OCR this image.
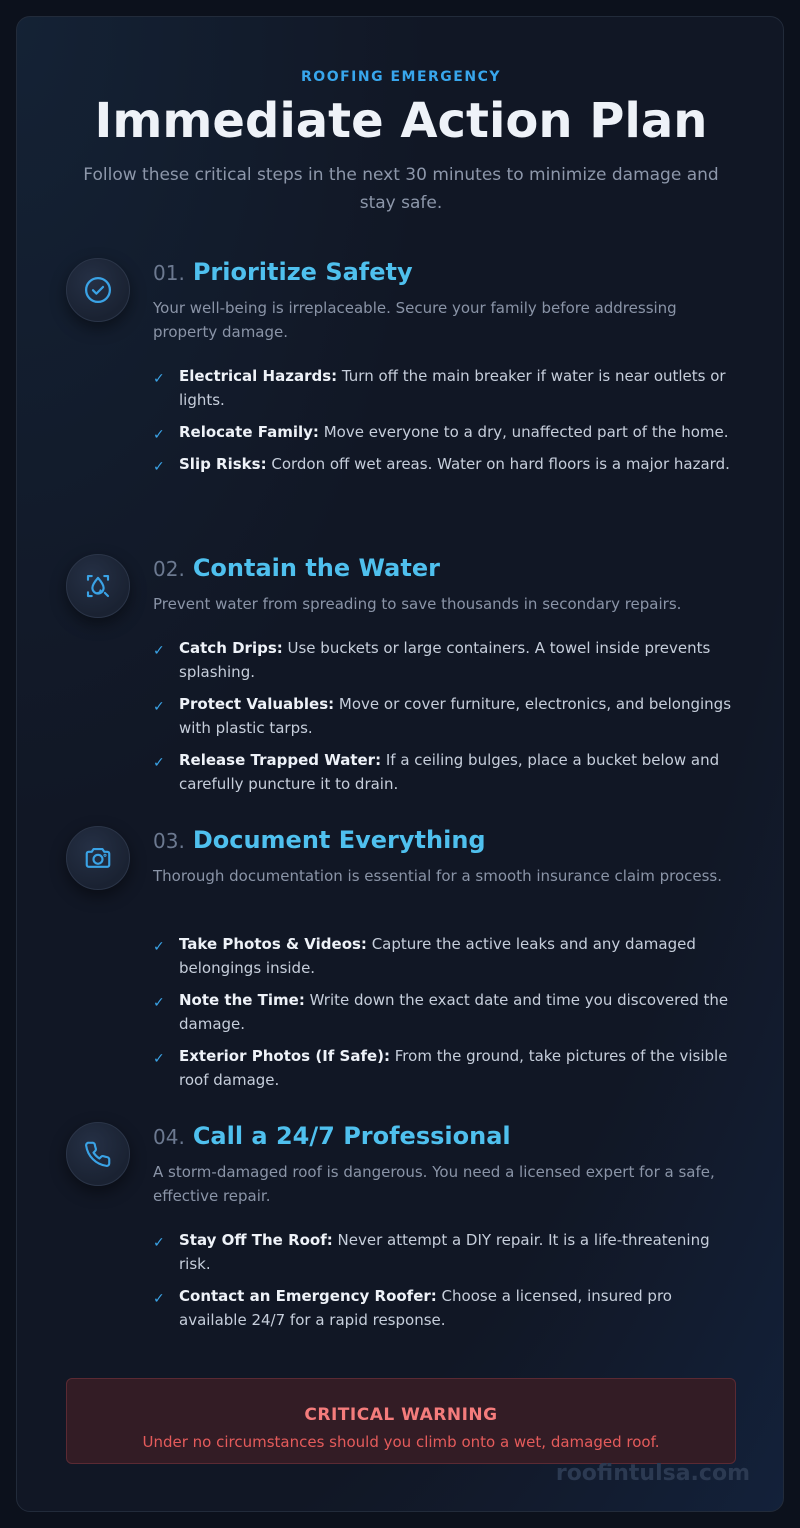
ROOFING EMERGENCY
Immediate Action Plan

Follow these critical steps in the next 30 minutes to minimize damage and stay safe.

01. Prioritize Safety

Your well-being is irreplaceable. Secure your family before addressing property damage.

✓ Electrical Hazards: Turn off the main breaker if water is near outlets or lights.
✓ Relocate Family: Move everyone to a dry, unaffected part of the home.
✓ Slip Risks: Cordon off wet areas. Water on hard floors is a major hazard.
02. Contain the Water

Prevent water from spreading to save thousands in secondary repairs.

✓ Catch Drips: Use buckets or large containers. A towel inside prevents splashing.
✓ Protect Valuables: Move or cover furniture, electronics, and belongings with plastic tarps.
✓ Release Trapped Water: If a ceiling bulges, place a bucket below and carefully puncture it to drain.
03. Document Everything

Thorough documentation is essential for a smooth insurance claim process.

✓ Take Photos & Videos: Capture the active leaks and any damaged belongings inside.
✓ Note the Time: Write down the exact date and time you discovered the damage.
✓ Exterior Photos (If Safe): From the ground, take pictures of the visible roof damage.
04. Call a 24/7 Professional

A storm-damaged roof is dangerous. You need a licensed expert for a safe, effective repair.

✓ Stay Off The Roof: Never attempt a DIY repair. It is a life-threatening risk.
✓ Contact an Emergency Roofer: Choose a licensed, insured pro available 24/7 for a rapid response.
CRITICAL WARNING
Under no circumstances should you climb onto a wet, damaged roof.
roofintulsa.com
